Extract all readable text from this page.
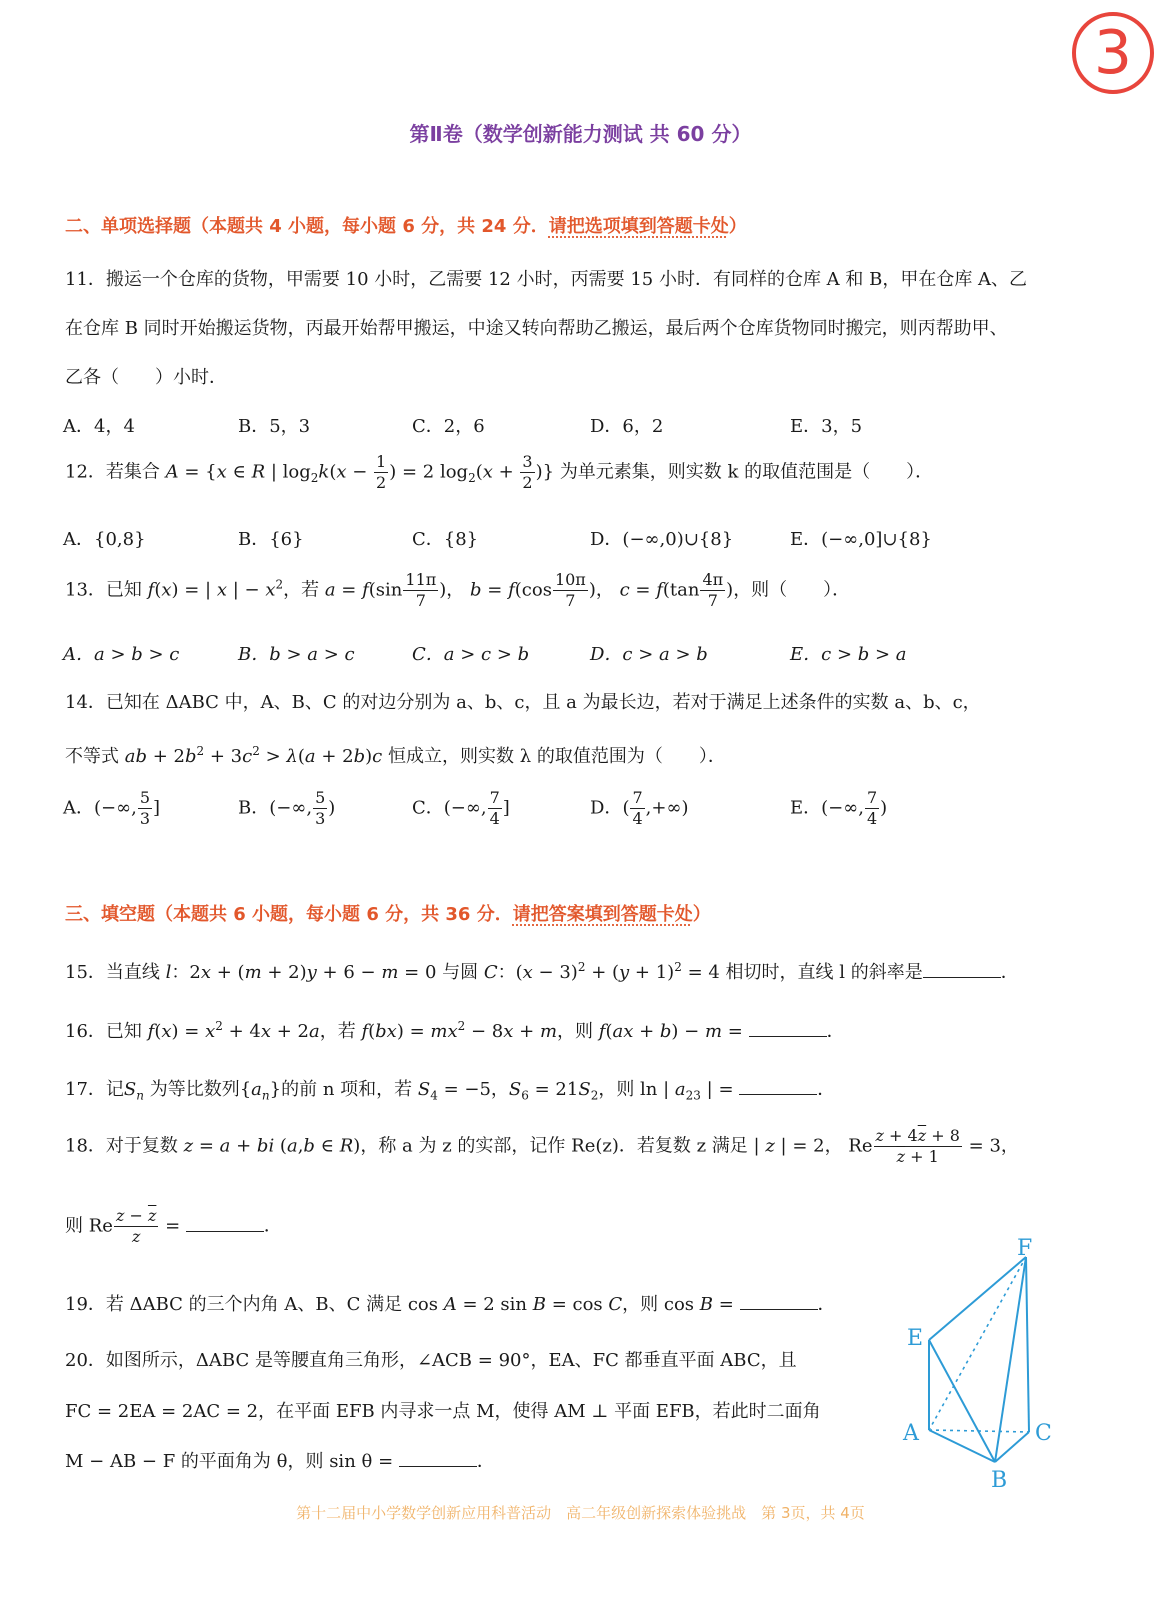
3
第Ⅱ卷（数学创新能力测试 共 60 分）
二、单项选择题（本题共 4 小题，每小题 6 分，共 24 分．请把选项填到答题卡处）
11．搬运一个仓库的货物，甲需要 10 小时，乙需要 12 小时，丙需要 15 小时．有同样的仓库 A 和 B，甲在仓库 A、乙
在仓库 B 同时开始搬运货物，丙最开始帮甲搬运，中途又转向帮助乙搬运，最后两个仓库货物同时搬完，则丙帮助甲、
乙各（　　）小时．
A．4，4	B．5，3	C．2，6	D．6，2	E．3，5
12．若集合 A = {x ∈ R | $\log_2k(x - \frac{1}{2}$ ) = 2 $\log_2(x + \frac{3}{2}$ )} 为单元素集，则实数 k 的取值范围是（　　）．
A．{0,8}	B．{6}	C．{8}	D．(−∞,0)∪{8}	E．(−∞,0]∪{8}
13．已知 f(x) = | x | − $x^2$，若 $a = f(\sin \frac{11\pi}{7}$ )， $b = f(\cos \frac{10\pi}{7}$ )， $c = f(\tan \frac{4\pi}{7}$ )，则（　　）．
A．a > b > c	B．b > a > c	C．a > c > b	D．c > a > b	E．c > b > a
14．已知在 ΔABC 中，A、B、C 的对边分别为 a、b、c，且 a 为最长边，若对于满足上述条件的实数 a、b、c，
不等式 ab + $2b^2 + 3c^2 > \lambda(a + 2b)c$ 恒成立，则实数 λ 的取值范围为（　　）．
A．(−∞, $\frac{5}{3}$ ]	B．(−∞, $\frac{5}{3}$ )	C．(−∞, $\frac{7}{4}$ ]	D．( $\frac{7}{4}$ ,+∞)	E．(−∞, $\frac{7}{4}$ )
三、填空题（本题共 6 小题，每小题 6 分，共 36 分．请把答案填到答题卡处）
15．当直线 l：2x + (m + 2)y + 6 − m = 0 与圆 C：$(x - 3)^2 + (y + 1)^2 = 4$ 相切时，直线 l 的斜率是	．
16．已知 $f(x) = x^2 + 4x + 2a$，若 $f(bx) = mx^2 - 8x + m$，则 f(ax + b) − m =	．
17．记$S_n$ 为等比数列$\{a_n\}$的前 n 项和，若 $S_4 = -5$，$S_6 = 21S_2$，则 ln | $a_{23}$ | =	．
18．对于复数 z = a + bi (a,b ∈ R)，称 a 为 z 的实部，记作 Re(z)．若复数 z 满足 | z | = 2， Re $\frac{z + 4\overline{z} + 8}{\overline{z} + 1} = 3$，
则 Re $\frac{z - \overline{z}}{z}$ =	．
19．若 ΔABC 的三个内角 A、B、C 满足 cos A = 2 sin B = cos C，则 cos B =	．
20．如图所示，ΔABC 是等腰直角三角形，∠ACB = 90°，EA、FC 都垂直平面 ABC，且
FC = 2EA = 2AC = 2，在平面 EFB 内寻求一点 M，使得 AM ⊥ 平面 EFB，若此时二面角
M − AB − F 的平面角为 θ，则 sin θ =	．
F
E
A	C
B
第十二届中小学数学创新应用科普活动　高二年级创新探索体验挑战　第 3页，共 4页
